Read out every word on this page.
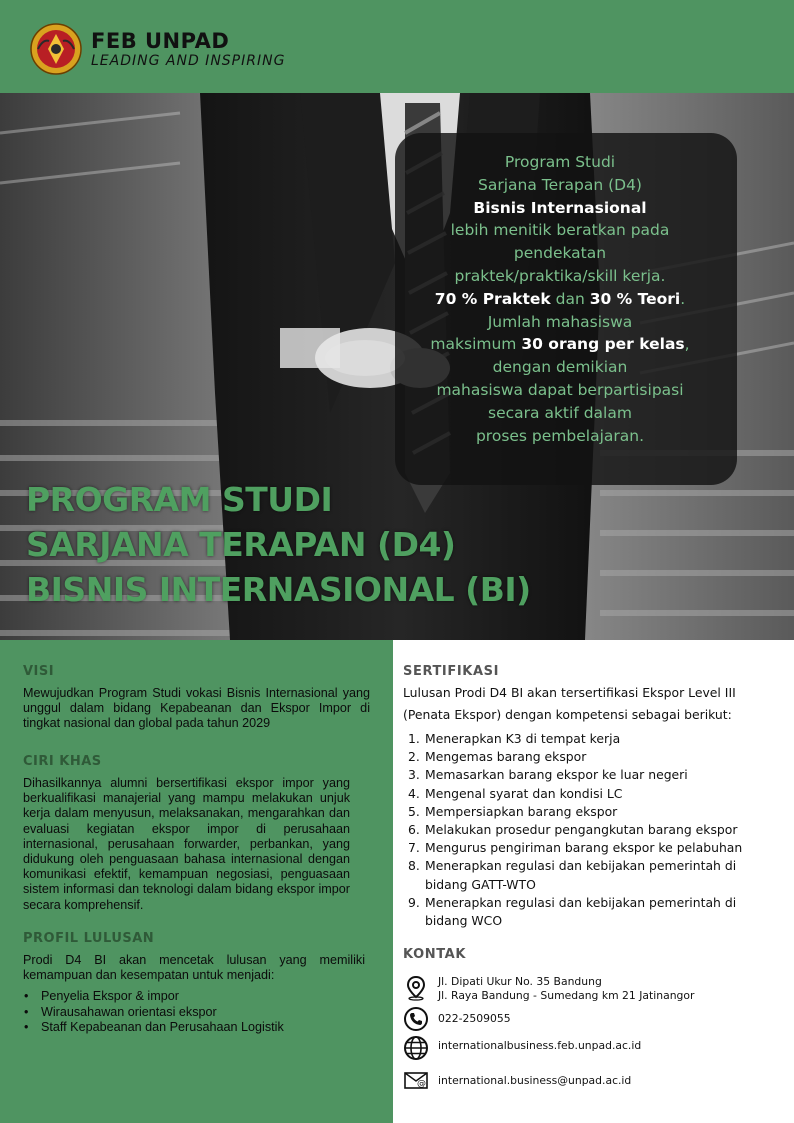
FEB UNPAD
LEADING AND INSPIRING
Program Studi
Sarjana Terapan (D4)
Bisnis Internasional
lebih menitik beratkan pada
pendekatan
praktek/praktika/skill kerja.
70 % Praktek dan 30 % Teori.
Jumlah mahasiswa
maksimum 30 orang per kelas,
dengan demikian
mahasiswa dapat berpartisipasi
secara aktif dalam
proses pembelajaran.
PROGRAM STUDI
SARJANA TERAPAN (D4)
BISNIS INTERNASIONAL (BI)
VISI
Mewujudkan Program Studi vokasi Bisnis Internasional yang unggul dalam bidang Kepabeanan dan Ekspor Impor di tingkat nasional dan global pada tahun 2029
CIRI KHAS
Dihasilkannya alumni bersertifikasi ekspor impor yang berkualifikasi manajerial yang mampu melakukan unjuk kerja dalam menyusun, melaksanakan, mengarahkan dan evaluasi kegiatan ekspor impor di perusahaan internasional, perusahaan forwarder, perbankan, yang didukung oleh penguasaan bahasa internasional dengan komunikasi efektif, kemampuan negosiasi, penguasaan sistem informasi dan teknologi dalam bidang ekspor impor secara komprehensif.
PROFIL LULUSAN
Prodi D4 BI akan mencetak lulusan yang memiliki kemampuan dan kesempatan untuk menjadi:
• Penyelia Ekspor & impor
• Wirausahawan orientasi ekspor
• Staff Kepabeanan dan Perusahaan Logistik
SERTIFIKASI
Lulusan Prodi D4 BI akan tersertifikasi Ekspor Level III
(Penata Ekspor) dengan kompetensi sebagai berikut:
1. Menerapkan K3 di tempat kerja
2. Mengemas barang ekspor
3. Memasarkan barang ekspor ke luar negeri
4. Mengenal syarat dan kondisi LC
5. Mempersiapkan barang ekspor
6. Melakukan prosedur pengangkutan barang ekspor
7. Mengurus pengiriman barang ekspor ke pelabuhan
8. Menerapkan regulasi dan kebijakan pemerintah di bidang GATT-WTO
9. Menerapkan regulasi dan kebijakan pemerintah di bidang WCO
KONTAK
Jl. Dipati Ukur No. 35 Bandung
Jl. Raya Bandung - Sumedang km 21 Jatinangor
022-2509055
internationalbusiness.feb.unpad.ac.id
@ international.business@unpad.ac.id
